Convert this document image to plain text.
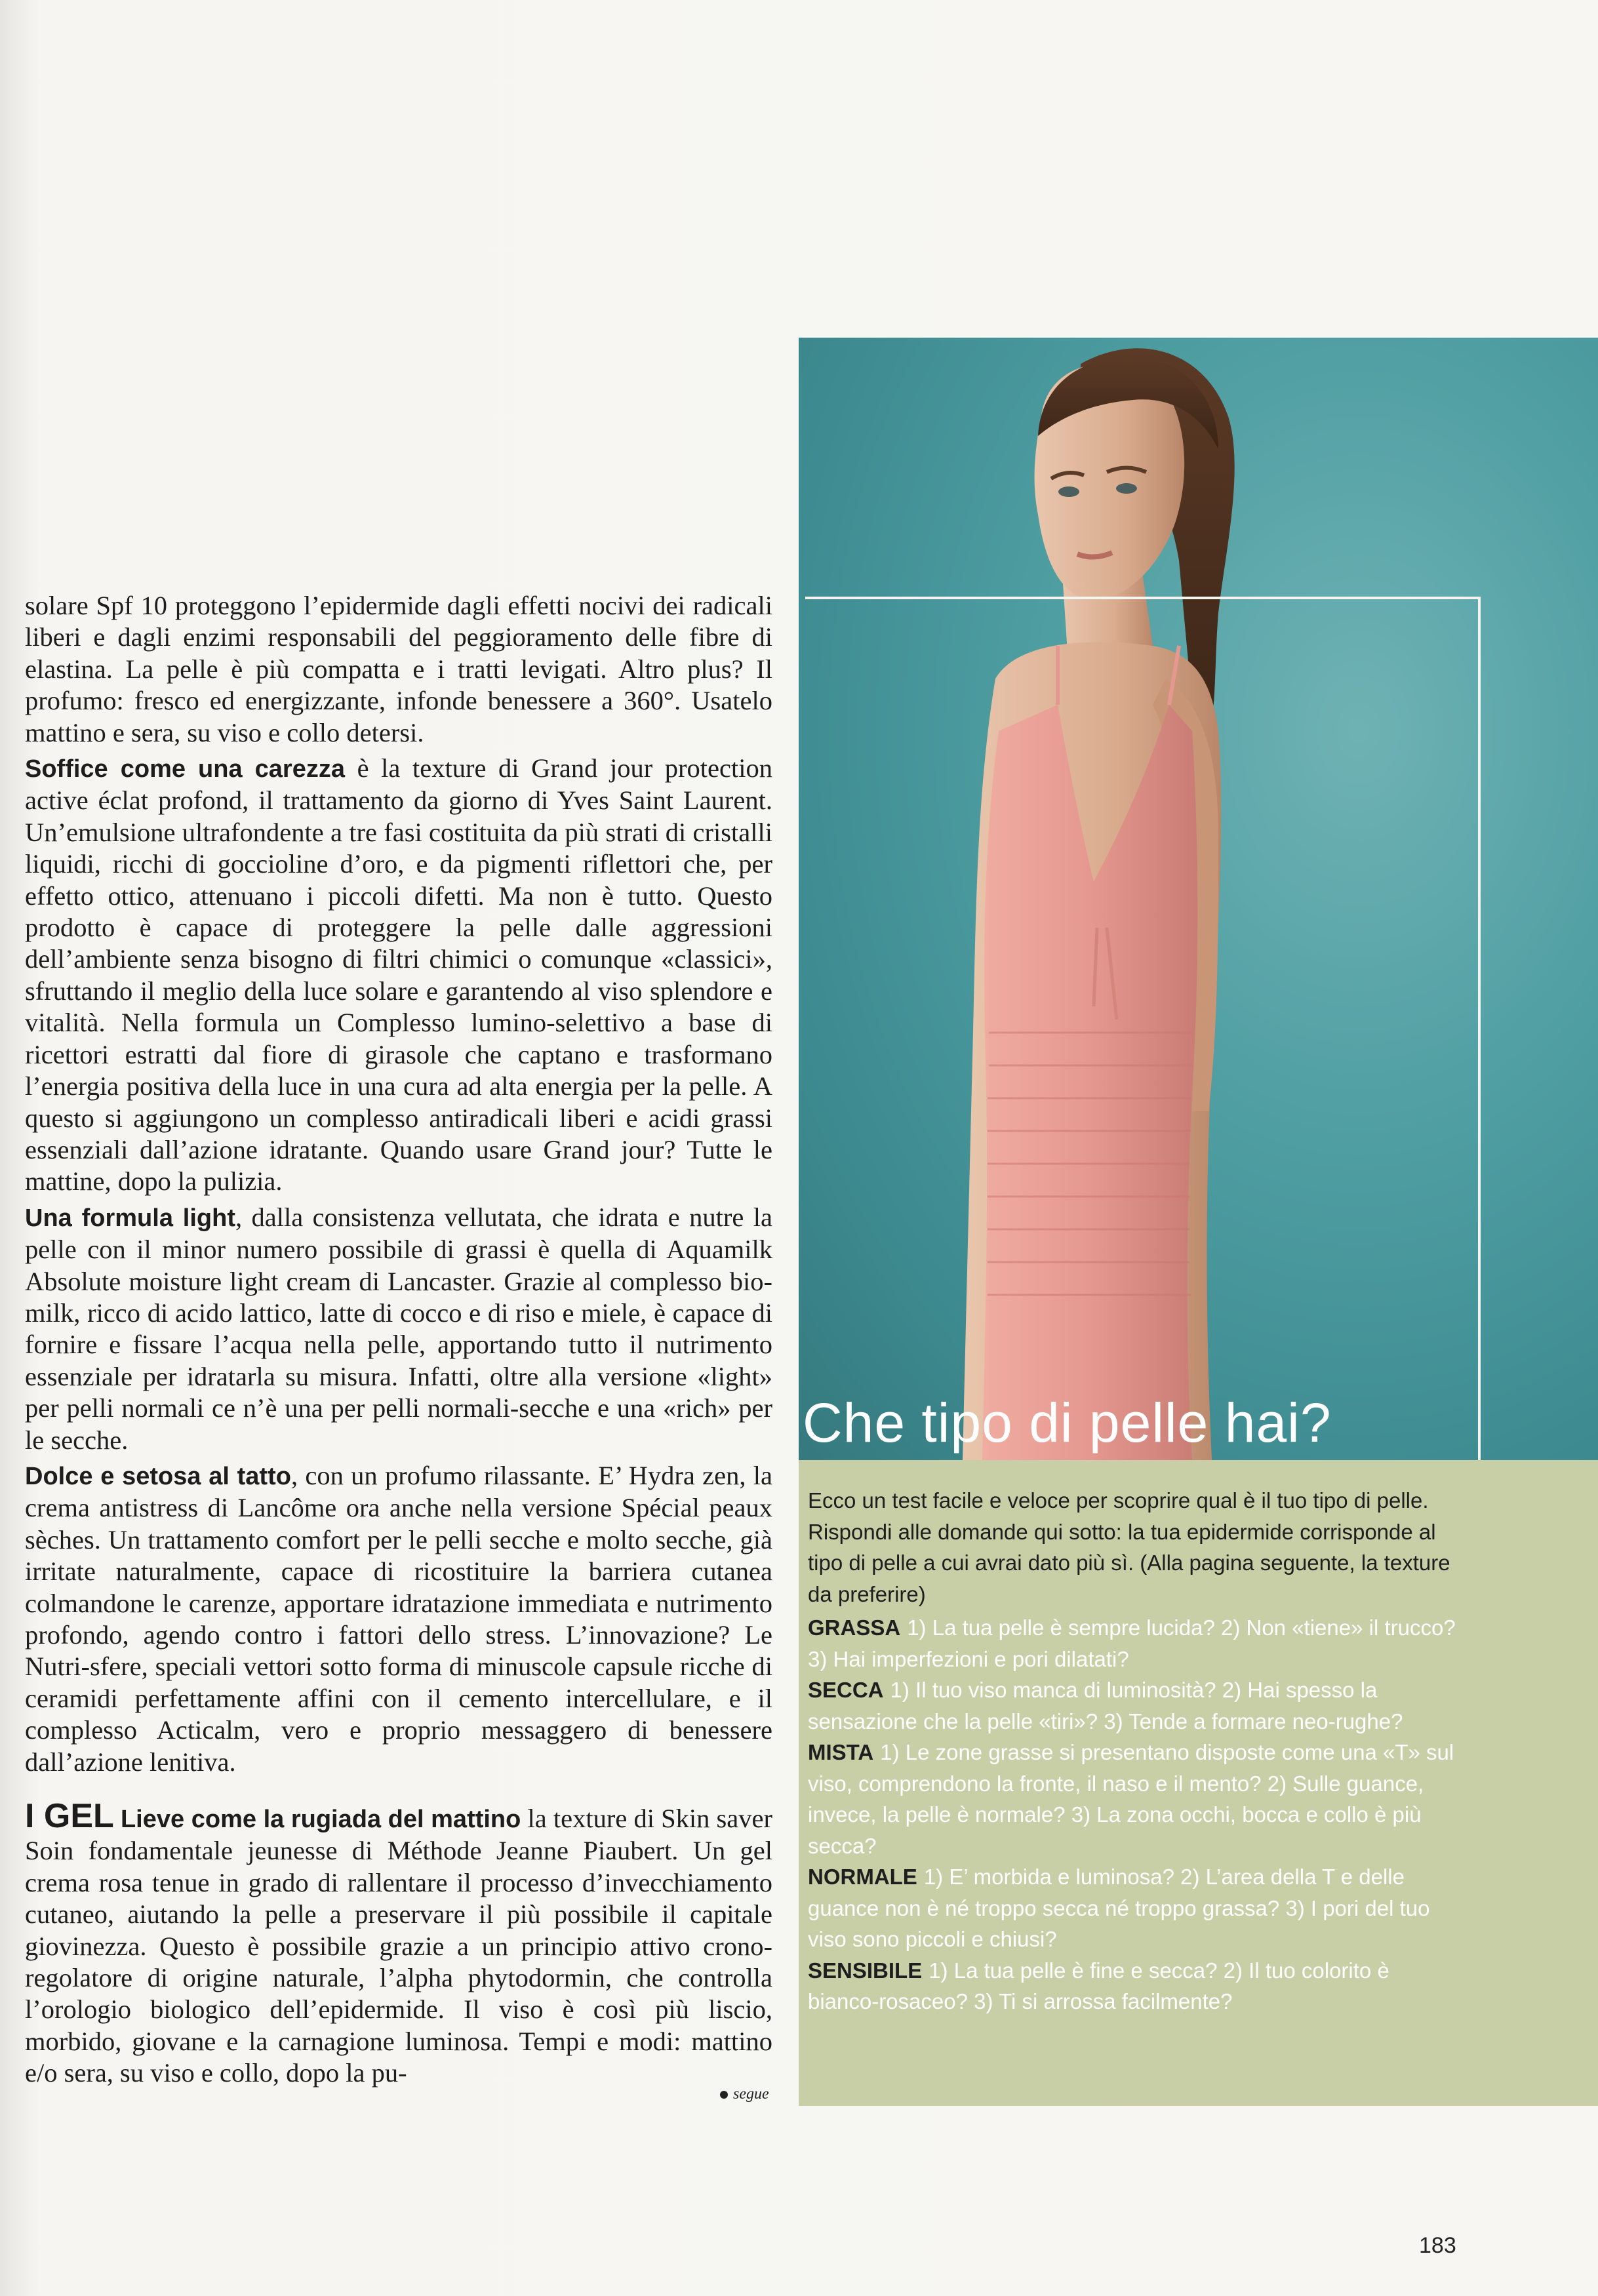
solare Spf 10 proteggono l’epidermide dagli effetti nocivi dei radicali liberi e dagli enzimi responsabili del peggioramento delle fibre di elastina. La pelle è più compatta e i tratti levigati. Altro plus? Il profumo: fresco ed energizzante, infonde benessere a 360°. Usatelo mattino e sera, su viso e collo detersi.

Soffice come una carezza è la texture di Grand jour protection active éclat profond, il trattamento da giorno di Yves Saint Laurent. Un’emulsione ultrafondente a tre fasi costituita da più strati di cristalli liquidi, ricchi di goccioline d’oro, e da pigmenti riflettori che, per effetto ottico, attenuano i piccoli difetti. Ma non è tutto. Questo prodotto è capace di proteggere la pelle dalle aggressioni dell’ambiente senza bisogno di filtri chimici o comunque «classici», sfruttando il meglio della luce solare e garantendo al viso splendore e vitalità. Nella formula un Complesso lumino-selettivo a base di ricettori estratti dal fiore di girasole che captano e trasformano l’energia positiva della luce in una cura ad alta energia per la pelle. A questo si aggiungono un complesso antiradicali liberi e acidi grassi essenziali dall’azione idratante. Quando usare Grand jour? Tutte le mattine, dopo la pulizia.

Una formula light, dalla consistenza vellutata, che idrata e nutre la pelle con il minor numero possibile di grassi è quella di Aquamilk Absolute moisture light cream di Lancaster. Grazie al complesso bio-milk, ricco di acido lattico, latte di cocco e di riso e miele, è capace di fornire e fissare l’acqua nella pelle, apportando tutto il nutrimento essenziale per idratarla su misura. Infatti, oltre alla versione «light» per pelli normali ce n’è una per pelli normali-secche e una «rich» per le secche.

Dolce e setosa al tatto, con un profumo rilassante. E’ Hydra zen, la crema antistress di Lancôme ora anche nella versione Spécial peaux sèches. Un trattamento comfort per le pelli secche e molto secche, già irritate naturalmente, capace di ricostituire la barriera cutanea colmandone le carenze, apportare idratazione immediata e nutrimento profondo, agendo contro i fattori dello stress. L’innovazione? Le Nutri-sfere, speciali vettori sotto forma di minuscole capsule ricche di ceramidi perfettamente affini con il cemento intercellulare, e il complesso Acticalm, vero e proprio messaggero di benessere dall’azione lenitiva.

I GEL Lieve come la rugiada del mattino la texture di Skin saver Soin fondamentale jeunesse di Méthode Jeanne Piaubert. Un gel crema rosa tenue in grado di rallentare il processo d’invecchiamento cutaneo, aiutando la pelle a preservare il più possibile il capitale giovinezza. Questo è possibile grazie a un principio attivo crono-regolatore di origine naturale, l’alpha phytodormin, che controlla l’orologio biologico dell’epidermide. Il viso è così più liscio, morbido, giovane e la carnagione luminosa. Tempi e modi: mattino e/o sera, su viso e collo, dopo la pu-

segue
Che tipo di pelle hai?

Ecco un test facile e veloce per scoprire qual è il tuo tipo di pelle. Rispondi alle domande qui sotto: la tua epidermide corrisponde al tipo di pelle a cui avrai dato più sì. (Alla pagina seguente, la texture da preferire)

GRASSA 1) La tua pelle è sempre lucida? 2) Non «tiene» il trucco? 3) Hai imperfezioni e pori dilatati?

SECCA 1) Il tuo viso manca di luminosità? 2) Hai spesso la sensazione che la pelle «tiri»? 3) Tende a formare neo-rughe?

MISTA 1) Le zone grasse si presentano disposte come una «T» sul viso, comprendono la fronte, il naso e il mento? 2) Sulle guance, invece, la pelle è normale? 3) La zona occhi, bocca e collo è più secca?

NORMALE 1) E’ morbida e luminosa? 2) L’area della T e delle guance non è né troppo secca né troppo grassa? 3) I pori del tuo viso sono piccoli e chiusi?

SENSIBILE 1) La tua pelle è fine e secca? 2) Il tuo colorito è bianco-rosaceo? 3) Ti si arrossa facilmente?

183
